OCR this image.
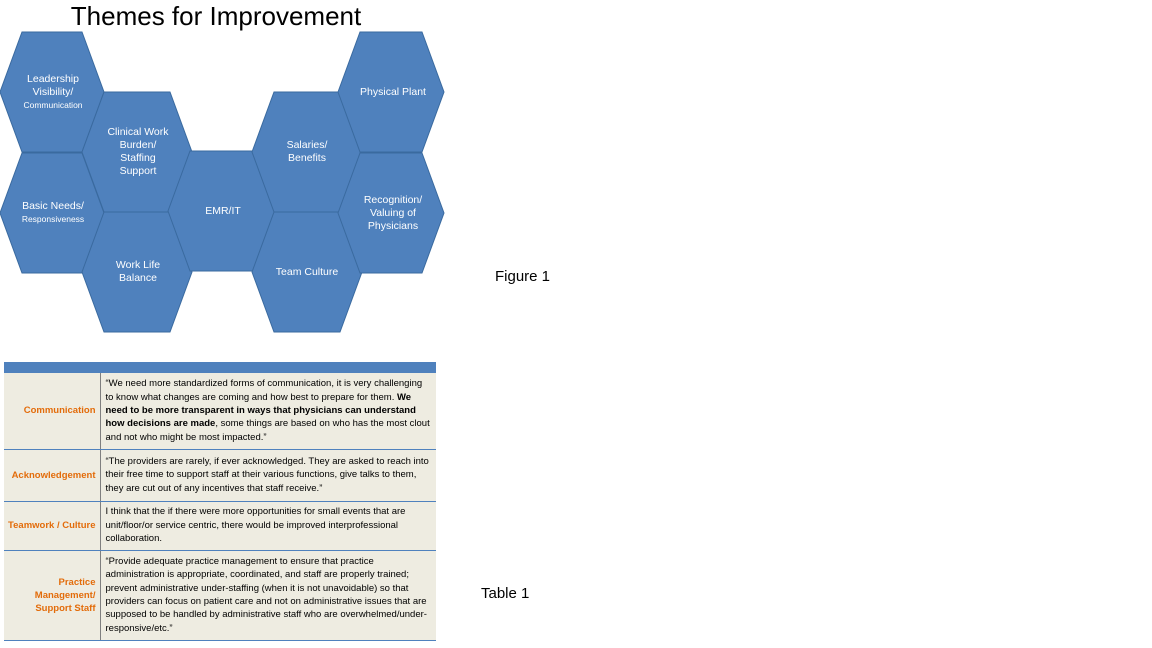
Themes for Improvement
Leadership
Visibility/
Communication
Clinical Work
Burden/
Staffing
Support
Basic Needs/
Responsiveness
Work Life
Balance
EMR/IT
Salaries/
Benefits
Team Culture
Physical Plant
Recognition/
Valuing of
Physicians
Figure 1

Communication	“We need more standardized forms of communication, it is very challenging to know what changes are coming and how best to prepare for them. We need to be more transparent in ways that physicians can understand how decisions are made, some things are based on who has the most clout and not who might be most impacted.”
Acknowledgement	“The providers are rarely, if ever acknowledged. They are asked to reach into their free time to support staff at their various functions, give talks to them, they are cut out of any incentives that staff receive.”
Teamwork / Culture	I think that the if there were more opportunities for small events that are unit/floor/or service centric, there would be improved interprofessional collaboration.
Practice Management/ Support Staff	“Provide adequate practice management to ensure that practice administration is appropriate, coordinated, and staff are properly trained; prevent administrative under-staffing (when it is not unavoidable) so that providers can focus on patient care and not on administrative issues that are supposed to be handled by administrative staff who are overwhelmed/under-responsive/etc.”
Table 1
